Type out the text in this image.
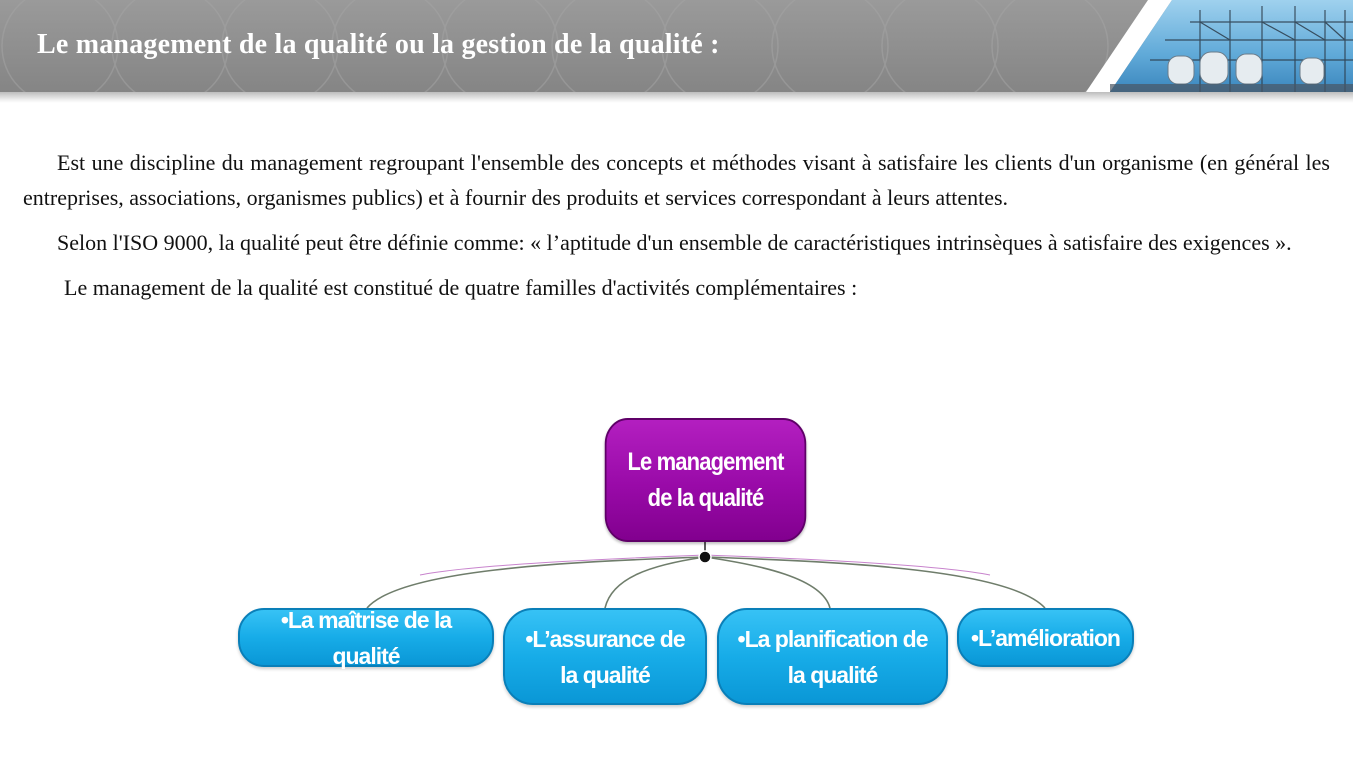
Le management de la qualité ou la gestion de la qualité :

Est une discipline du management regroupant l'ensemble des concepts et méthodes visant à satisfaire les clients d'un organisme (en général les entreprises, associations, organismes publics) et à fournir des produits et services correspondant à leurs attentes.

Selon l'ISO 9000, la qualité peut être définie comme: « l’aptitude d'un ensemble de caractéristiques intrinsèques à satisfaire des exigences ».

Le management de la qualité est constitué de quatre familles d'activités complémentaires :

Le management de la qualité
•La maîtrise de la qualité
•L’assurance de la qualité
•La planification de la qualité
•L’amélioration
